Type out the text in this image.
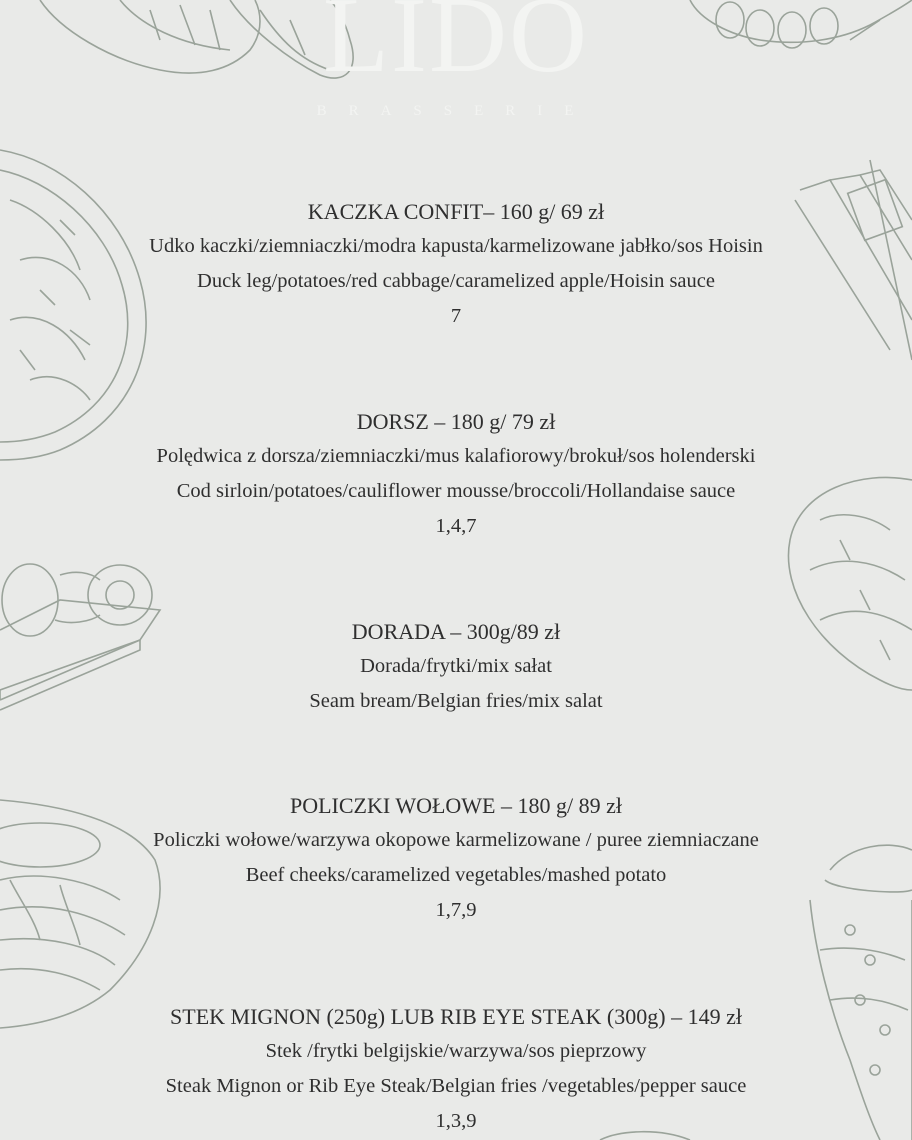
LIDO
BRASSERIE
KACZKA CONFIT– 160 g/ 69 zł
Udko kaczki/ziemniaczki/modra kapusta/karmelizowane jabłko/sos Hoisin
Duck leg/potatoes/red cabbage/caramelized apple/Hoisin sauce
7
DORSZ – 180 g/ 79 zł
Polędwica z dorsza/ziemniaczki/mus kalafiorowy/brokuł/sos holenderski
Cod sirloin/potatoes/cauliflower mousse/broccoli/Hollandaise sauce
1,4,7
DORADA – 300g/89 zł
Dorada/frytki/mix sałat
Seam bream/Belgian fries/mix salat
POLICZKI WOŁOWE – 180 g/ 89 zł
Policzki wołowe/warzywa okopowe karmelizowane / puree ziemniaczane
Beef cheeks/caramelized vegetables/mashed potato
1,7,9
STEK MIGNON (250g) LUB RIB EYE STEAK (300g) – 149 zł
Stek /frytki belgijskie/warzywa/sos pieprzowy
Steak Mignon or Rib Eye Steak/Belgian fries /vegetables/pepper sauce
1,3,9
